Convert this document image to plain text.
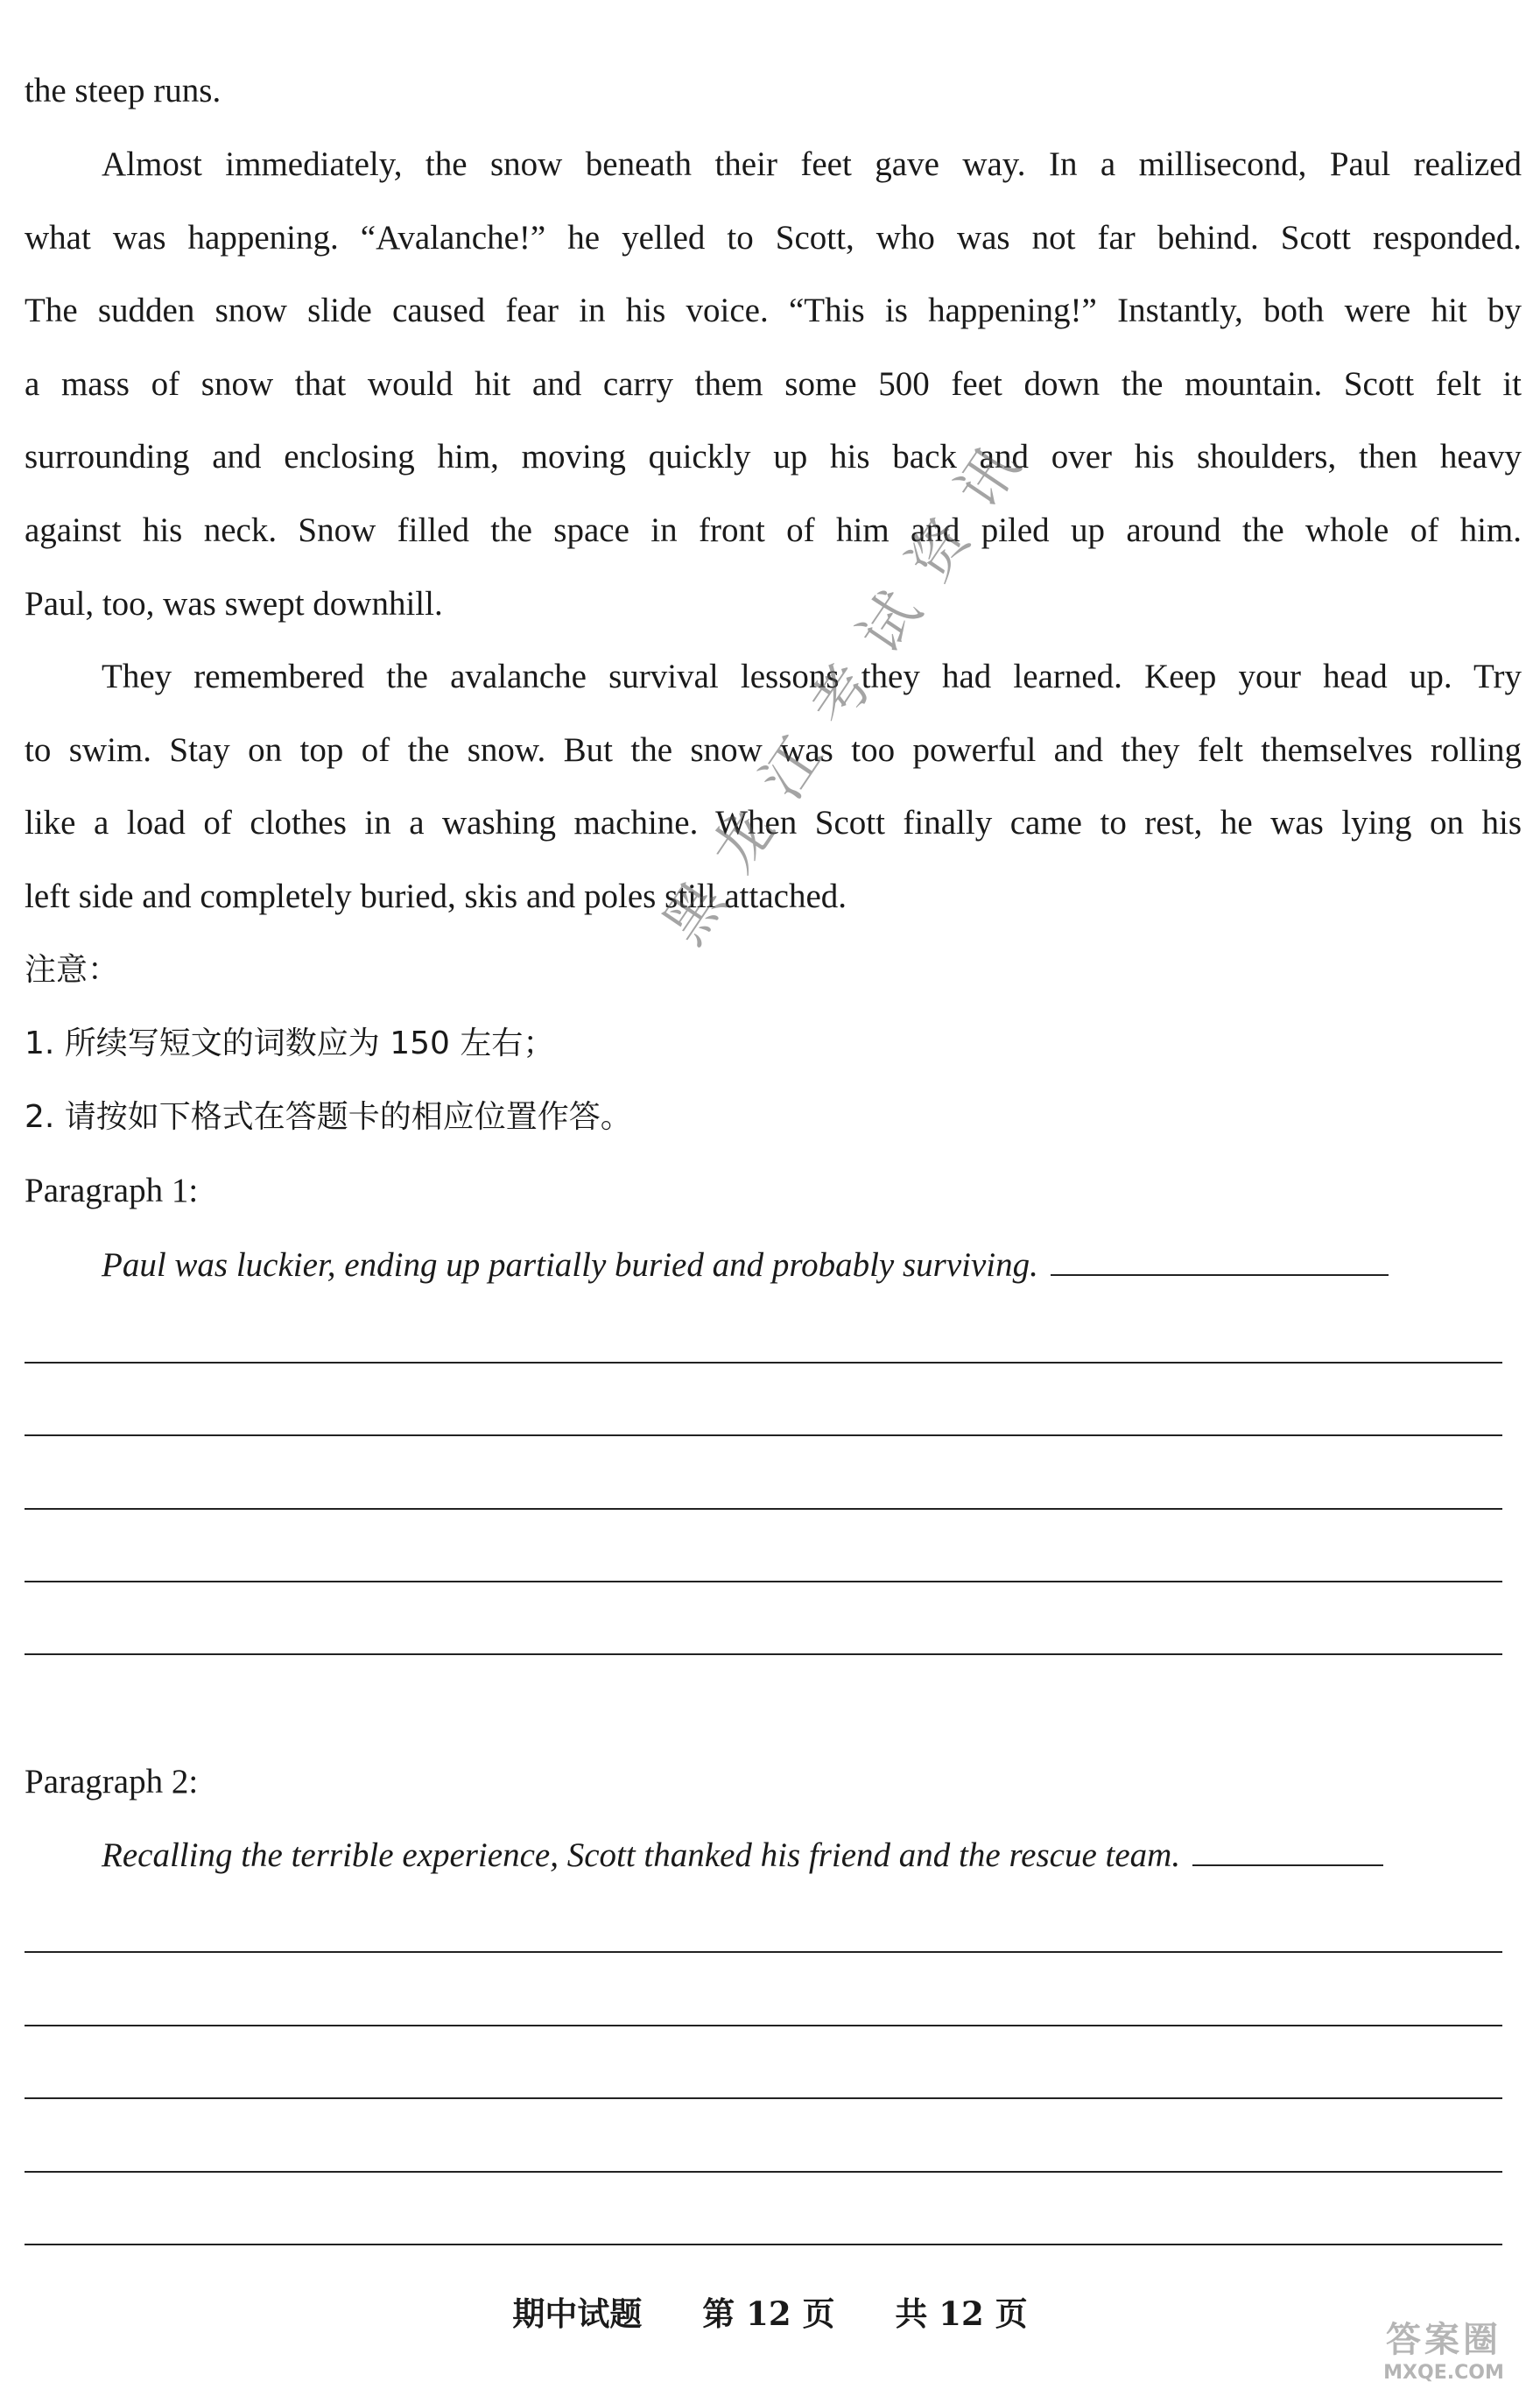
the steep runs.
Almost immediately, the snow beneath their feet gave way. In a millisecond, Paul realized
what was happening. “Avalanche!” he yelled to Scott, who was not far behind. Scott responded.
The sudden snow slide caused fear in his voice. “This is happening!” Instantly, both were hit by
a mass of snow that would hit and carry them some 500 feet down the mountain. Scott felt it
surrounding and enclosing him, moving quickly up his back and over his shoulders, then heavy
against his neck. Snow filled the space in front of him and piled up around the whole of him.
Paul, too, was swept downhill.
They remembered the avalanche survival lessons they had learned. Keep your head up. Try
to swim. Stay on top of the snow. But the snow was too powerful and they felt themselves rolling
like a load of clothes in a washing machine. When Scott finally came to rest, he was lying on his
left side and completely buried, skis and poles still attached.
注意：
1. 所续写短文的词数应为 150 左右；
2. 请按如下格式在答题卡的相应位置作答。
Paragraph 1:
Paul was luckier, ending up partially buried and probably surviving.
Paragraph 2:
Recalling the terrible experience, Scott thanked his friend and the rescue team.
黑龙江考试资讯
期中试题 第 12 页 共 12 页
答案圈
MXQE.COM
